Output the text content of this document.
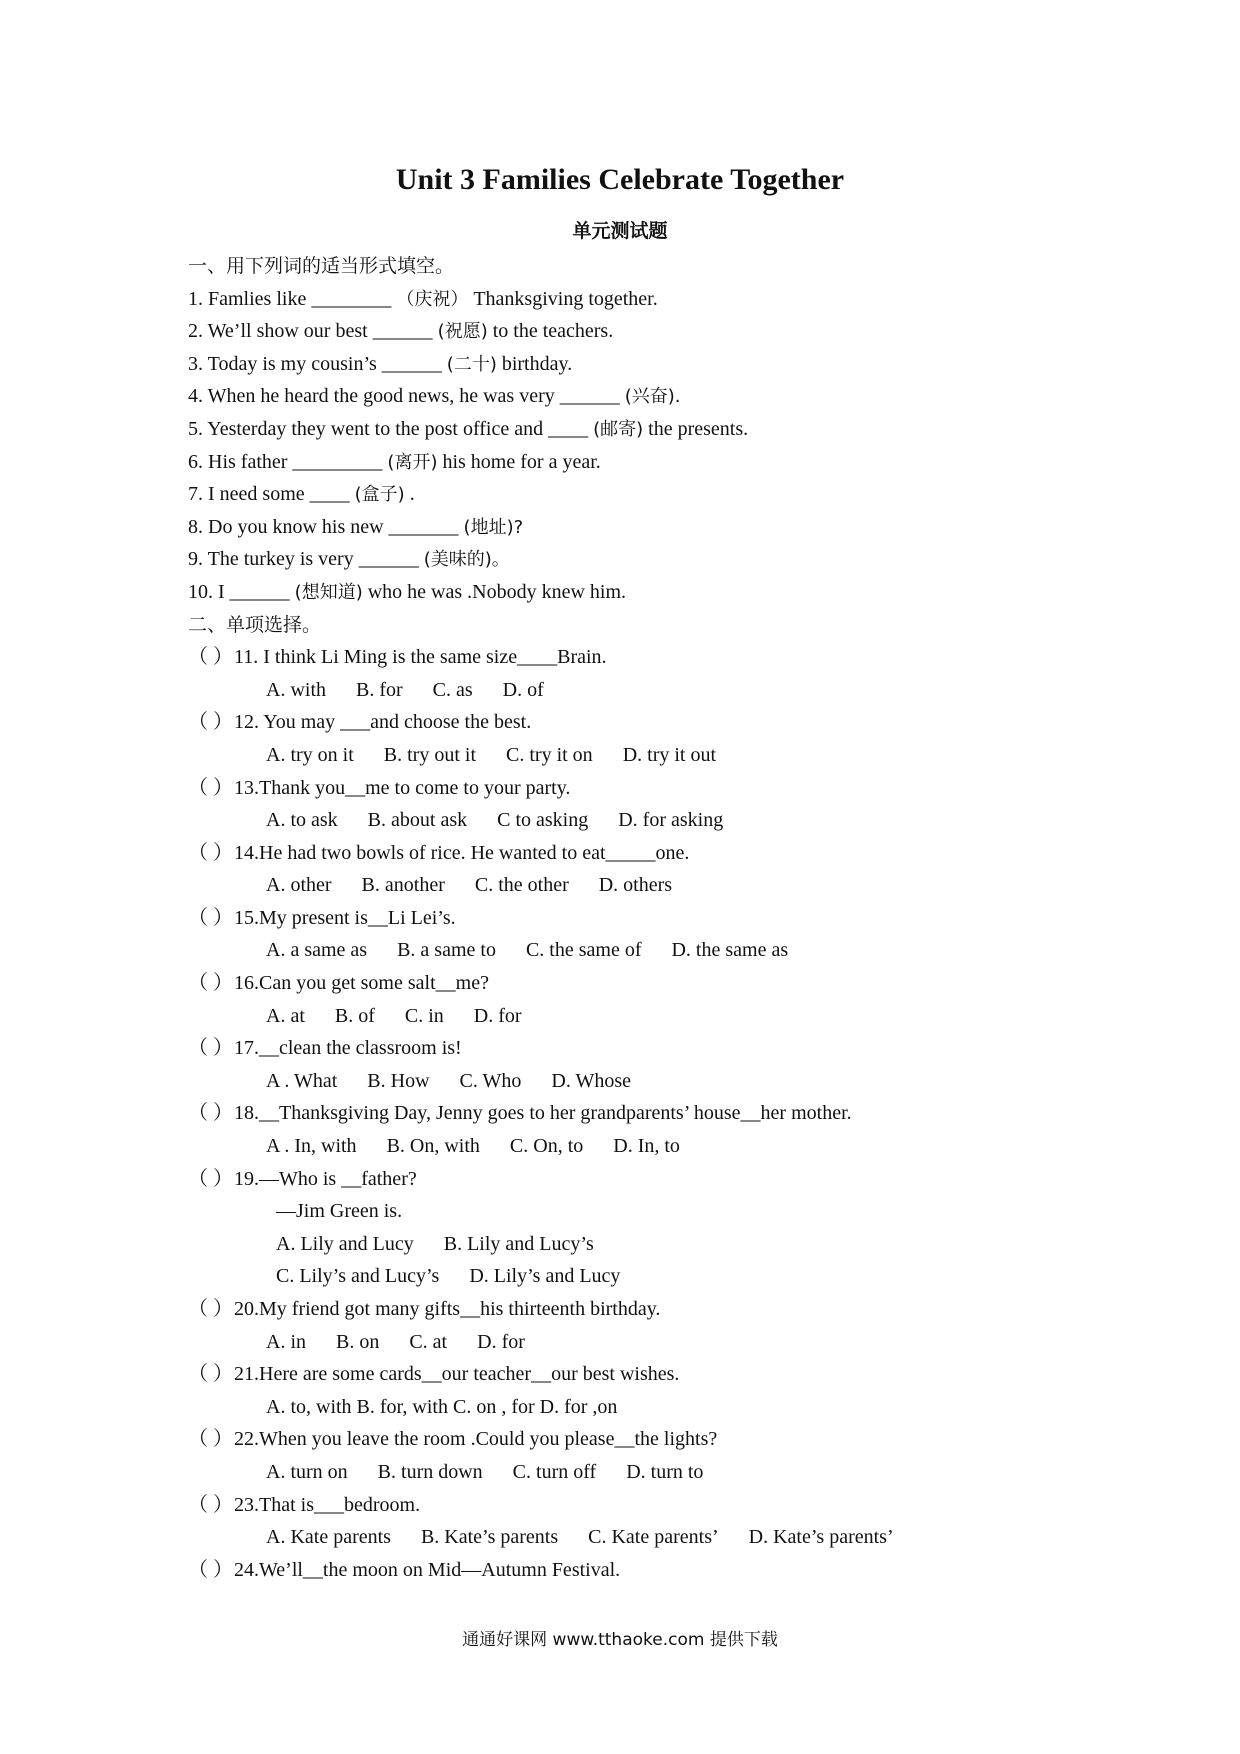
Unit 3 Families Celebrate Together
单元测试题
一、用下列词的适当形式填空。
1. Famlies like ________ （庆祝） Thanksgiving together.
2. We’ll show our best ______ (祝愿) to the teachers.
3. Today is my cousin’s ______ (二十) birthday.
4. When he heard the good news, he was very ______ (兴奋).
5. Yesterday they went to the post office and ____ (邮寄) the presents.
6. His father _________ (离开) his home for a year.
7. I need some ____ (盒子) .
8. Do you know his new _______ (地址)?
9. The turkey is very ______ (美味的)。
10. I ______ (想知道) who he was .Nobody knew him.
二、单项选择。
（ ）11. I think Li Ming is the same size____Brain.
A. with B. for C. as D. of
（ ）12. You may ___and choose the best.
A. try on it B. try out it C. try it on D. try it out
（ ）13.Thank you__me to come to your party.
A. to ask B. about ask C to asking D. for asking
（ ）14.He had two bowls of rice. He wanted to eat_____one.
A. other B. another C. the other D. others
（ ）15.My present is__Li Lei’s.
A. a same as B. a same to C. the same of D. the same as
（ ）16.Can you get some salt__me?
A. at B. of C. in D. for
（ ）17.__clean the classroom is!
A . What B. How C. Who D. Whose
（ ）18.__Thanksgiving Day, Jenny goes to her grandparents’ house__her mother.
A . In, with B. On, with C. On, to D. In, to
（ ）19.—Who is __father?
—Jim Green is.
A. Lily and Lucy B. Lily and Lucy’s
C. Lily’s and Lucy’s D. Lily’s and Lucy
（ ）20.My friend got many gifts__his thirteenth birthday.
A. in B. on C. at D. for
（ ）21.Here are some cards__our teacher__our best wishes.
A. to, with B. for, with C. on , for D. for ,on
（ ）22.When you leave the room .Could you please__the lights?
A. turn on B. turn down C. turn off D. turn to
（ ）23.That is___bedroom.
A. Kate parents B. Kate’s parents C. Kate parents’ D. Kate’s parents’
（ ）24.We’ll__the moon on Mid—Autumn Festival.
通通好课网 www.tthaoke.com 提供下载
